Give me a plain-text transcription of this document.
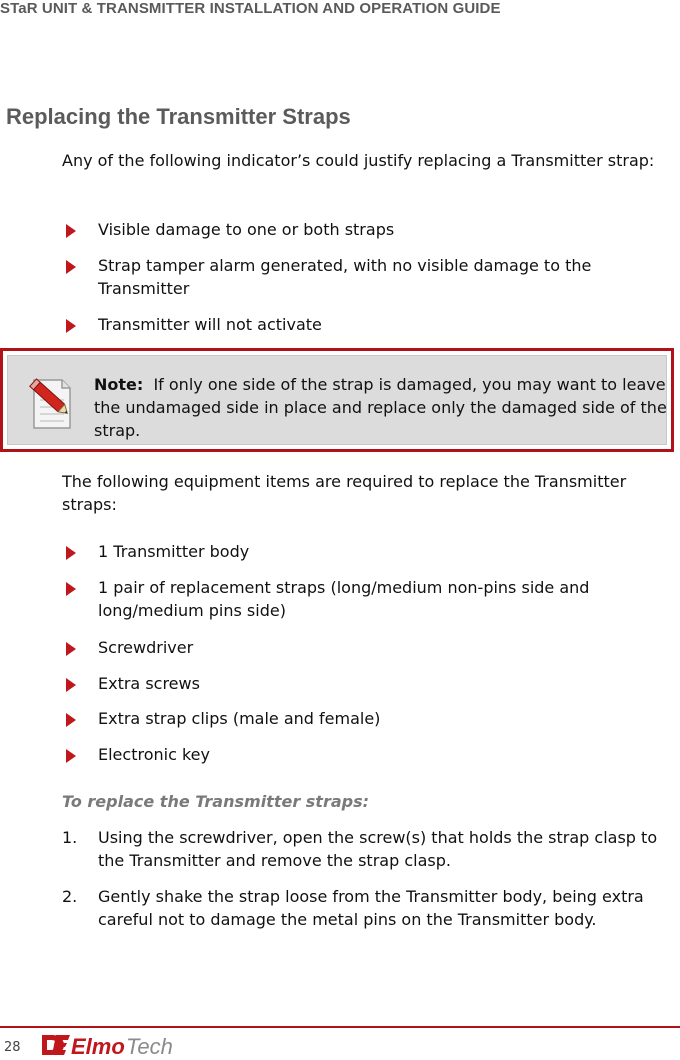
STaR UNIT & TRANSMITTER INSTALLATION AND OPERATION GUIDE
Replacing the Transmitter Straps

Any of the following indicator’s could justify replacing a Transmitter strap:

Visible damage to one or both straps
Strap tamper alarm generated, with no visible damage to the Transmitter
Transmitter will not activate

Note: If only one side of the strap is damaged, you may want to leave the undamaged side in place and replace only the damaged side of the strap.

The following equipment items are required to replace the Transmitter straps:

1 Transmitter body
1 pair of replacement straps (long/medium non-pins side and long/medium pins side)
Screwdriver
Extra screws
Extra strap clips (male and female)
Electronic key
To replace the Transmitter straps:
1. Using the screwdriver, open the screw(s) that holds the strap clasp to the Transmitter and remove the strap clasp.
2. Gently shake the strap loose from the Transmitter body, being extra careful not to damage the metal pins on the Transmitter body.
28 Elmo Tech
